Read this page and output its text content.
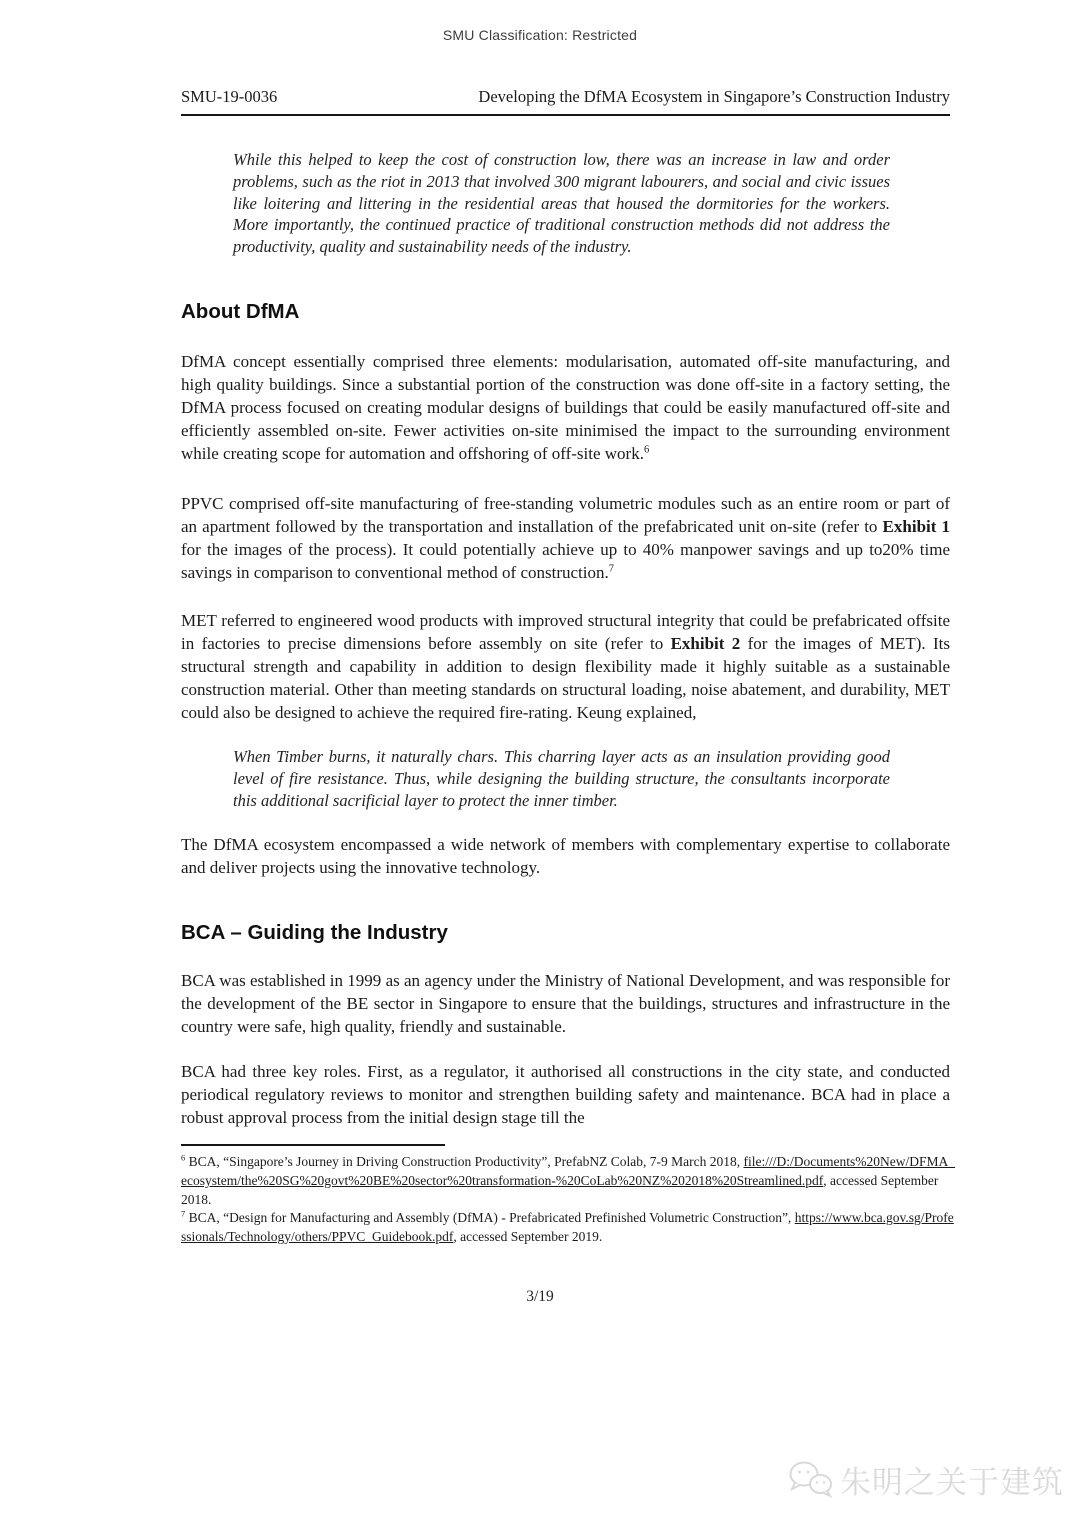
SMU Classification: Restricted
SMU-19-0036	Developing the DfMA Ecosystem in Singapore’s Construction Industry
While this helped to keep the cost of construction low, there was an increase in law and order problems, such as the riot in 2013 that involved 300 migrant labourers, and social and civic issues like loitering and littering in the residential areas that housed the dormitories for the workers. More importantly, the continued practice of traditional construction methods did not address the productivity, quality and sustainability needs of the industry.
About DfMA
DfMA concept essentially comprised three elements: modularisation, automated off-site manufacturing, and high quality buildings. Since a substantial portion of the construction was done off-site in a factory setting, the DfMA process focused on creating modular designs of buildings that could be easily manufactured off-site and efficiently assembled on-site. Fewer activities on-site minimised the impact to the surrounding environment while creating scope for automation and offshoring of off-site work.$^6$
PPVC comprised off-site manufacturing of free-standing volumetric modules such as an entire room or part of an apartment followed by the transportation and installation of the prefabricated unit on-site (refer to Exhibit 1 for the images of the process). It could potentially achieve up to 40% manpower savings and up to20% time savings in comparison to conventional method of construction.$^7$
MET referred to engineered wood products with improved structural integrity that could be prefabricated offsite in factories to precise dimensions before assembly on site (refer to Exhibit 2 for the images of MET). Its structural strength and capability in addition to design flexibility made it highly suitable as a sustainable construction material. Other than meeting standards on structural loading, noise abatement, and durability, MET could also be designed to achieve the required fire-rating. Keung explained,
When Timber burns, it naturally chars. This charring layer acts as an insulation providing good level of fire resistance. Thus, while designing the building structure, the consultants incorporate this additional sacrificial layer to protect the inner timber.
The DfMA ecosystem encompassed a wide network of members with complementary expertise to collaborate and deliver projects using the innovative technology.
BCA – Guiding the Industry
BCA was established in 1999 as an agency under the Ministry of National Development, and was responsible for the development of the BE sector in Singapore to ensure that the buildings, structures and infrastructure in the country were safe, high quality, friendly and sustainable.
BCA had three key roles. First, as a regulator, it authorised all constructions in the city state, and conducted periodical regulatory reviews to monitor and strengthen building safety and maintenance. BCA had in place a robust approval process from the initial design stage till the
$^6$ BCA, “Singapore’s Journey in Driving Construction Productivity”, PrefabNZ Colab, 7-9 March 2018, file:///D:/Documents%20New/DFMA_ecosystem/the%20SG%20govt%20BE%20sector%20transformation-%20CoLab%20NZ%202018%20Streamlined.pdf, accessed September 2018.
$^7$ BCA, “Design for Manufacturing and Assembly (DfMA) - Prefabricated Prefinished Volumetric Construction”, https://www.bca.gov.sg/Professionals/Technology/others/PPVC_Guidebook.pdf, accessed September 2019.
3/19
朱明之关于建筑
